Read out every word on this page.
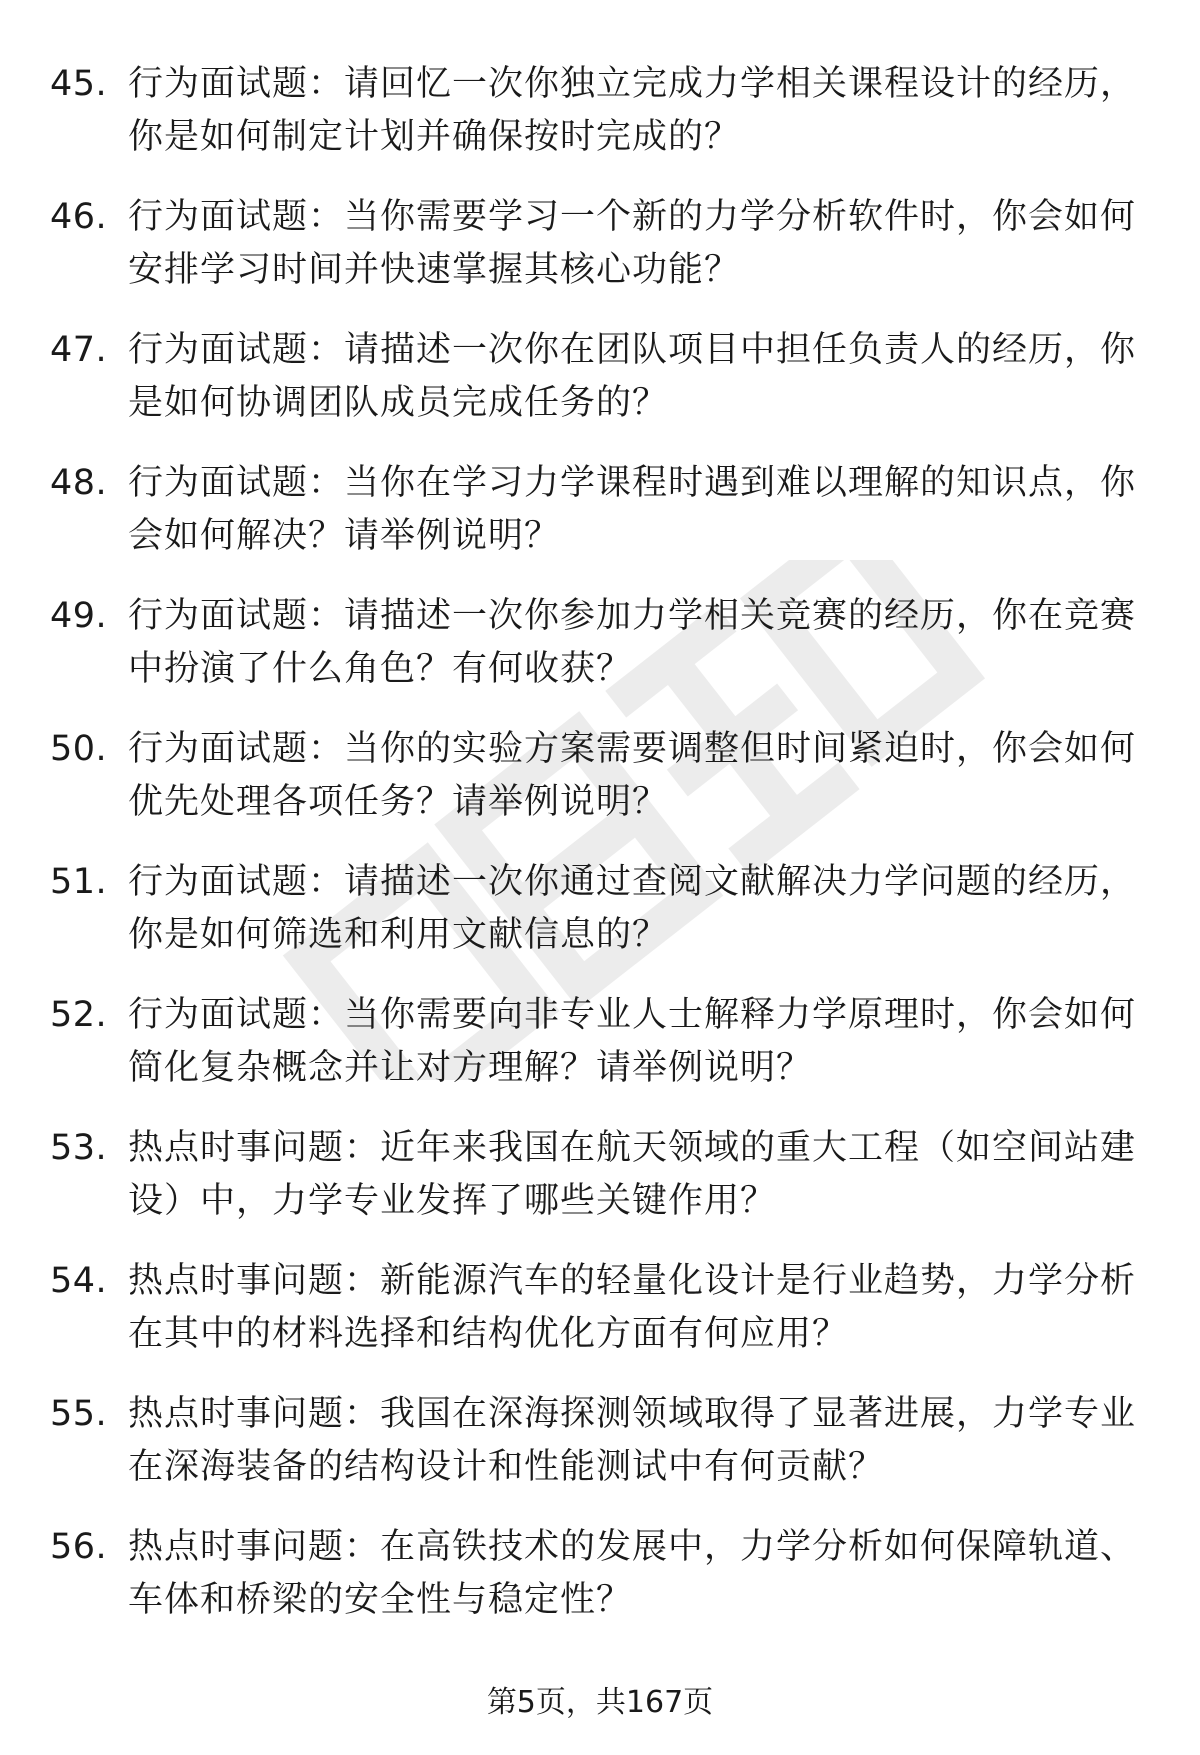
45. 行为面试题：请回忆一次你独立完成力学相关课程设计的经历，你是如何制定计划并确保按时完成的？
46. 行为面试题：当你需要学习一个新的力学分析软件时，你会如何安排学习时间并快速掌握其核心功能？
47. 行为面试题：请描述一次你在团队项目中担任负责人的经历，你是如何协调团队成员完成任务的？
48. 行为面试题：当你在学习力学课程时遇到难以理解的知识点，你会如何解决？请举例说明？
49. 行为面试题：请描述一次你参加力学相关竞赛的经历，你在竞赛中扮演了什么角色？有何收获？
50. 行为面试题：当你的实验方案需要调整但时间紧迫时，你会如何优先处理各项任务？请举例说明？
51. 行为面试题：请描述一次你通过查阅文献解决力学问题的经历，你是如何筛选和利用文献信息的？
52. 行为面试题：当你需要向非专业人士解释力学原理时，你会如何简化复杂概念并让对方理解？请举例说明？
53. 热点时事问题：近年来我国在航天领域的重大工程（如空间站建设）中，力学专业发挥了哪些关键作用？
54. 热点时事问题：新能源汽车的轻量化设计是行业趋势，力学分析在其中的材料选择和结构优化方面有何应用？
55. 热点时事问题：我国在深海探测领域取得了显著进展，力学专业在深海装备的结构设计和性能测试中有何贡献？
56. 热点时事问题：在高铁技术的发展中，力学分析如何保障轨道、车体和桥梁的安全性与稳定性？
第5页，共167页
